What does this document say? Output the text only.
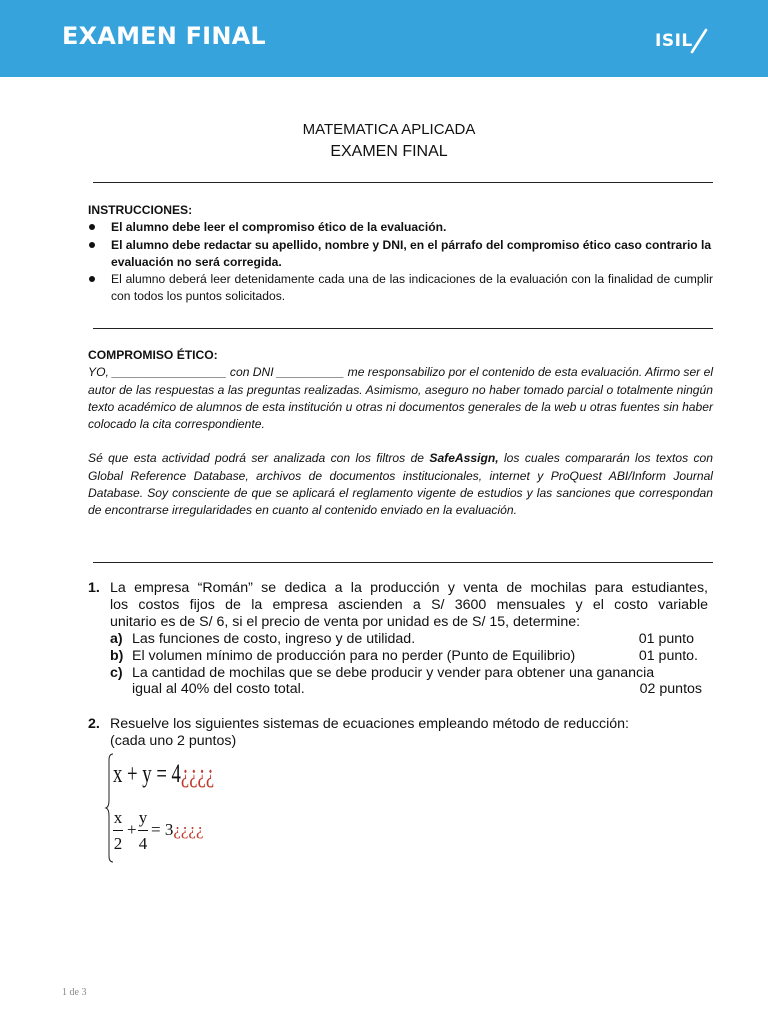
EXAMEN FINAL	ISIL
MATEMATICA APLICADA
EXAMEN FINAL
INSTRUCCIONES:
El alumno debe leer el compromiso ético de la evaluación.
El alumno debe redactar su apellido, nombre y DNI, en el párrafo del compromiso ético caso contrario la evaluación no será corregida.
El alumno deberá leer detenidamente cada una de las indicaciones de la evaluación con la finalidad de cumplir con todos los puntos solicitados.
COMPROMISO ÉTICO:

YO, _________________ con DNI __________ me responsabilizo por el contenido de esta evaluación. Afirmo ser el autor de las respuestas a las preguntas realizadas. Asimismo, aseguro no haber tomado parcial o totalmente ningún texto académico de alumnos de esta institución u otras ni documentos generales de la web u otras fuentes sin haber colocado la cita correspondiente.

Sé que esta actividad podrá ser analizada con los filtros de SafeAssign, los cuales compararán los textos con Global Reference Database, archivos de documentos institucionales, internet y ProQuest ABI/Inform Journal Database. Soy consciente de que se aplicará el reglamento vigente de estudios y las sanciones que correspondan de encontrarse irregularidades en cuanto al contenido enviado en la evaluación.

1. La empresa “Román” se dedica a la producción y venta de mochilas para estudiantes,
los costos fijos de la empresa ascienden a S/ 3600 mensuales y el costo variable
unitario es de S/ 6, si el precio de venta por unidad es de S/ 15, determine:
a) Las funciones de costo, ingreso y de utilidad.	01 punto
b) El volumen mínimo de producción para no perder (Punto de Equilibrio)	01 punto.
c) La cantidad de mochilas que se debe producir y vender para obtener una ganancia
igual al 40% del costo total.	02 puntos
2. Resuelve los siguientes sistemas de ecuaciones empleando método de reducción:
(cada uno 2 puntos)
x + y = 4¿¿¿¿
x
2
+
y
4
= 3¿¿¿¿
1 de 3
